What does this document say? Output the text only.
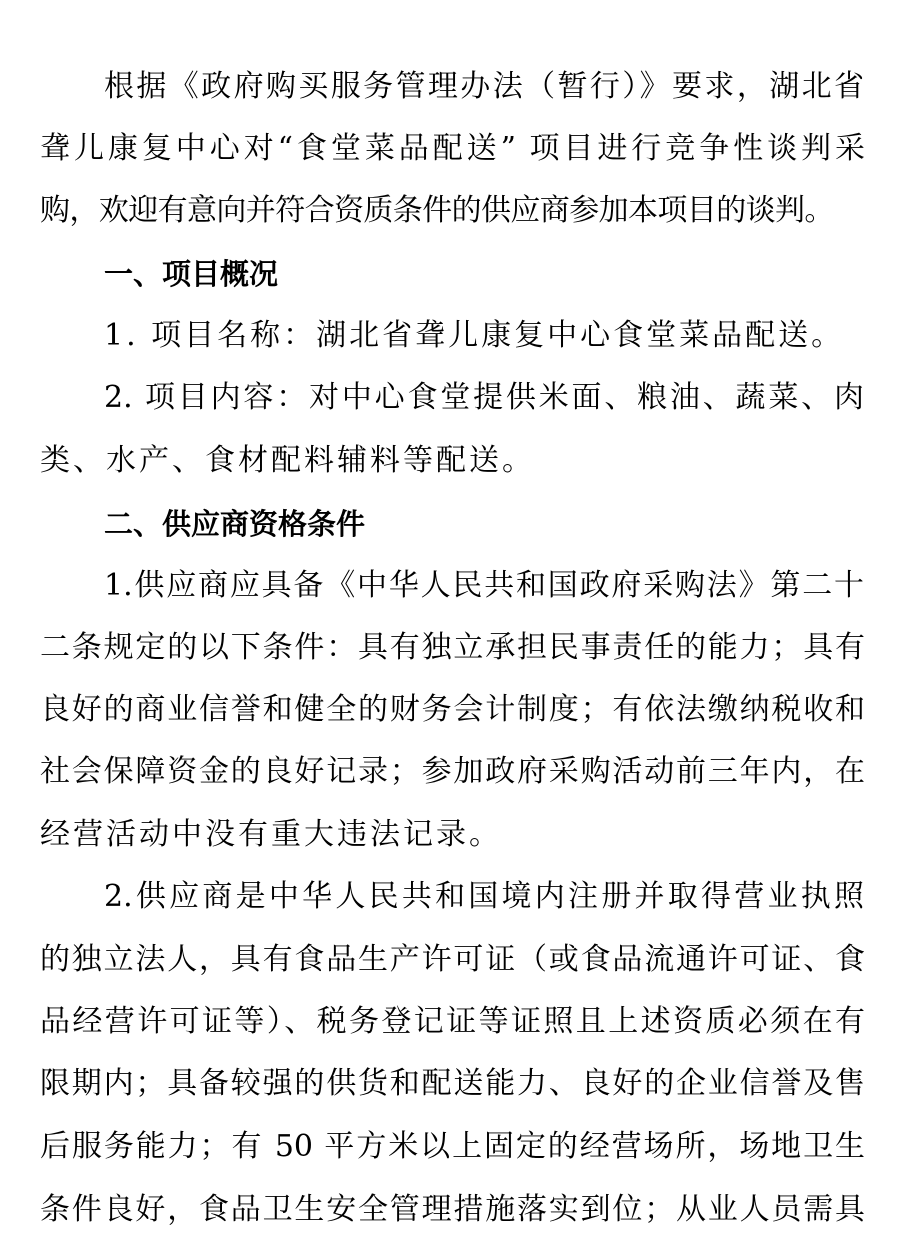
根据《政府购买服务管理办法（暂行）》要求，湖北省
聋儿康复中心对“食堂菜品配送” 项目进行竞争性谈判采
购，欢迎有意向并符合资质条件的供应商参加本项目的谈判。
一、项目概况
1. 项目名称：湖北省聋儿康复中心食堂菜品配送。
2. 项目内容：对中心食堂提供米面、粮油、蔬菜、肉
类、水产、食材配料辅料等配送。
二、供应商资格条件
1.供应商应具备《中华人民共和国政府采购法》第二十
二条规定的以下条件：具有独立承担民事责任的能力；具有
良好的商业信誉和健全的财务会计制度；有依法缴纳税收和
社会保障资金的良好记录；参加政府采购活动前三年内，在
经营活动中没有重大违法记录。
2.供应商是中华人民共和国境内注册并取得营业执照
的独立法人，具有食品生产许可证（或食品流通许可证、食
品经营许可证等）、税务登记证等证照且上述资质必须在有
限期内；具备较强的供货和配送能力、良好的企业信誉及售
后服务能力；有 50 平方米以上固定的经营场所，场地卫生
条件良好，食品卫生安全管理措施落实到位；从业人员需具
